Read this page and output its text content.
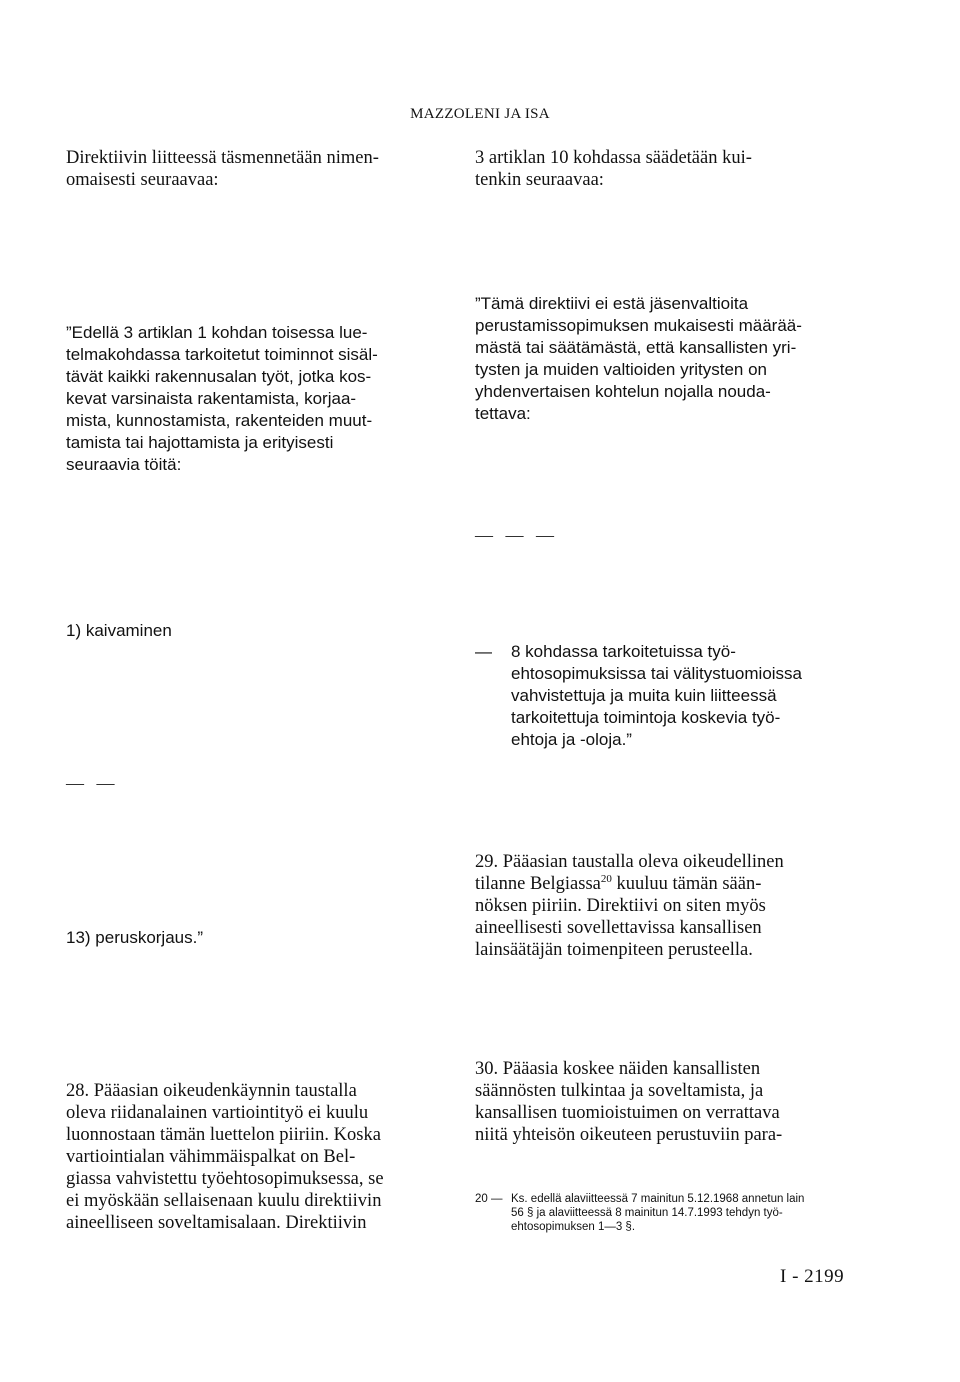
MAZZOLENI JA ISA
Direktiivin liitteessä täsmennetään nimen-
omaisesti seuraavaa:
”Edellä 3 artiklan 1 kohdan toisessa luе-
telmakohdassa tarkoitetut toiminnot sisäl-
tävät kaikki rakennusalan työt, jotka kos-
kevat varsinaista rakentamista, korjaa-
mista, kunnostamista, rakenteiden muut-
tamista tai hajottamista ja erityisesti
seuraavia töitä:
1) kaivaminen
— —
13) peruskorjaus.”
28. Pääasian oikeudenkäynnin taustalla
oleva riidanalainen vartiointityö ei kuulu
luonnostaan tämän luettelon piiriin. Koska
vartiointialan vähimmäispalkat on Bel-
giassa vahvistettu työehtosopimuksessa, se
ei myöskään sellaisenaan kuulu direktiivin
aineelliseen soveltamisalaan. Direktiivin
3 artiklan 10 kohdassa säädetään kui-
tenkin seuraavaa:
”Tämä direktiivi ei estä jäsenvaltioita
perustamissopimuksen mukaisesti määrää-
mästä tai säätämästä, että kansallisten yri-
tysten ja muiden valtioiden yritysten on
yhdenvertaisen kohtelun nojalla nouda-
tettava:
— — —
— 8 kohdassa tarkoitetuissa työ-
ehtosopimuksissa tai välitystuomioissa
vahvistettuja ja muita kuin liitteessä
tarkoitettuja toimintoja koskevia työ-
ehtoja ja -oloja.”
29. Pääasian taustalla oleva oikeudellinen
tilanne Belgiassa$^{20}$ kuuluu tämän sään-
nöksen piiriin. Direktiivi on siten myös
aineellisesti sovellettavissa kansallisen
lainsäätäjän toimenpiteen perusteella.
30. Pääasia koskee näiden kansallisten
säännösten tulkintaa ja soveltamista, ja
kansallisen tuomioistuimen on verrattava
niitä yhteisön oikeuteen perustuviin para-
20 — Ks. edellä alaviitteessä 7 mainitun 5.12.1968 annetun lain
56 § ja alaviitteessä 8 mainitun 14.7.1993 tehdyn työ-
ehtosopimuksen 1—3 §.
I - 2199
